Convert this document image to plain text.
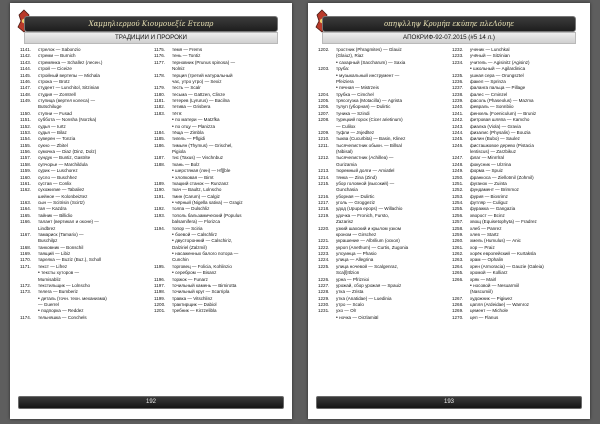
Χαμμηλιερμού Κιουμουεξίε Ετευπρ
ТРАДИЦИИ И ПРОРОКИ
1141. стрелок — Sabonzio
1142. стреми — Burnich
1143. стремянка — Schallez (лесен.)
1144. строй — Ciceize
1145. стройный вертепы — Michala
1146. строка — Brotz
1147. студент — Lunchitol, Sitzinian
1148. студия — Zomtrell
1149. ступица (вертел колеса) —
Butschiluge
1150. ступни — Fusad
1151. суббота — Nonsha (Norzka)
1152. судья — Iurtz
1153. судья — Bilaz
1154. суверен — Tonzia
1155. сукно — Zbitel
1156. сумочка — Diaz (Dinz, Dolz)
1157. сундук — Buntiz, Gastrite
1158. супчорье — Marchildula
1159. сурик — Luschorez
1160. сусло — Buschhez
1161. сустав — Conlix
1162. сухожилие — Tabaliez
шейное — Kolonbeiztez
1163. сын — Scitrisin (Scirtz)
1164. тая — Kazdra
1165. тайник — Billidio
1166. талант (вертикал и оконе) —
Lindbrez
1167. тамариск (Tamarix) —
Buschilpz
1168. танковник — Bonschil
1169. таящий — Libiz
1170. тарелка — Buziz (Buz.), Scholl
1171. текст — Lifrez
• тексты хуторов —
Mumisabliz
1172. текстильщик — Lolnscho
1173. телега — Bumberiz
• деталь (точн. техн. механизма)
— Guerrel
• подпорка — Reddez
1174. тельняшка — Conchels
1175. темя — Frems
1176. тень — Tontiz
1177. терновник (Prunus spinosa) —
Nolniz
1178. терция (третий натуральный
час, утро утро) — Sexiz
1179. тесть — Scalr
1180. тесьма — Gattzen, Clinze
1181. тетерев (Lyrurus) — Bacilna
1182. тетива — Grisbera
1183. тётя:
• по матери — Matzfka
• по отцу — Planizza
1184. тёща — Zimbla
1185. тигель — Pflgidi
1186. тимьян (Thymus) — Grischel,
Pigiola
1187. тис (Taxus) — Vischnbuz
1188. ткань — Bolz
• шерстяная (лен) — Hf][ble
• хлопковая — Birnt
1189. ткацкий станок — Runzanz
1190. ткач — Baultz, Lolnscho
1191. тмин (Carum) — Calgiz
• чёрный (Nigella sativa) — Gragiz
1192. толпа — Dulschliz
1193. тополь бальзамический (Populus
balsamifera) — Florizca
1194. топор — Sciria
• боевой — Calschlirz
• двусторонний — Calschiriz,
Dalziriel (Zalzmil)
• насаженных балого потора —
Cunchin
1195. торговец — Folicia, Kohlinzio
• серебром — Bisanz
1196. торжок — Funarz
1197. точильный камень — Birnirotta
1198. точильный круг — Scarripla
1199. травка — Vitschlinz
1200. трактирщик — Dabiol
1201. требник — Kirzzelibla
192
οπηψλληψ Κρυμήπ εκύπηε πλεΛόυηε
АПОКРИФ-92-07.2015 (#5 14 л.)
1202. тростник (Phragmites) — Glauiz
(Glaiuz), Riaz
• сахарный (Saccharum) — Saxia
1203. труба:
• музыкальный инструмент —
Pfeiziera
• печная — Mistrzeis
1204. трубка — Cimchel
1205. трясогузка (Motacilla) — Agrista
1206. тулуп (уборная) — Dulirtic
1207. туника — Szindi
1208. турецкий горох (Cicer arietinum)
— Culilox
1209. туфли — Jnjedltez
1210. тыква (Cucurbita) — Basin, Klinez
1211. тысячелистник обыкн. — Billsal
(Nibisal)
1212. тысячелистник (Achillea) —
Gurizamia
1213. тюремный долги — Amiatlel
1214. тянка — Zina (Zind)
1215. убор головной (высокий) —
Gunchasia
1216. уборная — Dulirtic
1217. уголь — Groggeziz
1218. удод (Upupa epops) — Willachio
1219. удочка — Fronich, Fursto,
Zazarisz
1220. узкий шахский и крылом узком
кроном — Girschez
1221. украшение — Albrilium (оскол)
1222. укроп (Anethum) — Curtis, Zugonia
1223. улсуинца — Phasio
1224. улица — Allegrina
1225. улица ночевой — Scalgenraz,
Sca[l]Itlzion
1226. урна — Pfriznioi
1227. урожай, сбор урожая — Spauiz
1228. утка — Zrista
1229. утка (Anatidae) — Luedinia
1230. утро — Scalo
1231. ухо — Olr
• ночка — Oirzlamiäl
1232. ученик — Lunchkal
1233. учёный — Sitzinian
1234. учитель — Agisinitz (Agisinz)
• школьный — Agilardinica
1235. ушная сера — Orungsztel
1236. факел — Sprinza
1237. фаланга пальца — Pillage
1238. фалес — Cminzel
1239. фасоль (Phaseolus) — Mazma
1240. февраль — Sonnbiio
1241. фенхель (Foeniculum) — Bruniz
1242. фетровая шляпа — Kamcho
1243. фиалка (Viola) — Gravia
1244. физалис (Physalis) — Bouzia
1245. филин (Bubo) — Saulez
1246. фисташковое дерево (Pistacia
lentiscus) — Zarzbikuz
1247. флаг — Minrrlral
1248. фокусник — Ulzrina
1249. форма — Spuiz
1250. франкоса — Ziellotmil (Zohmil)
1251. фуганок — Zuinta
1252. фундамент — Brimmoz
1253. фурия — Biosrimz
1254. футляр — Culiguz
1255. фуражка — Gangazia
1256. хворост — Bcinz
1257. хвощ (Equisetophyta) — Fradrez
1258. хлеб — Panrez
1259. хлев — Startz
1260. хмель (Humulus) — Anic
1261. хор — Praiz
1262. хорёк европейский — Kurtaksla
1263. храм — Ophalin
1264. хрен (Armoracia) — Gauzie (Galeia)
1265. хромой — Kolliarz
1266. хряк — Mairl
• носовой — Nesuarmiil
(Nascumiil)
1267. художник — Pigiwez
1268. цапля (Ardeidae) — Wamroz
1269. цемент — Michole
1270. цеп — Flanus
193
